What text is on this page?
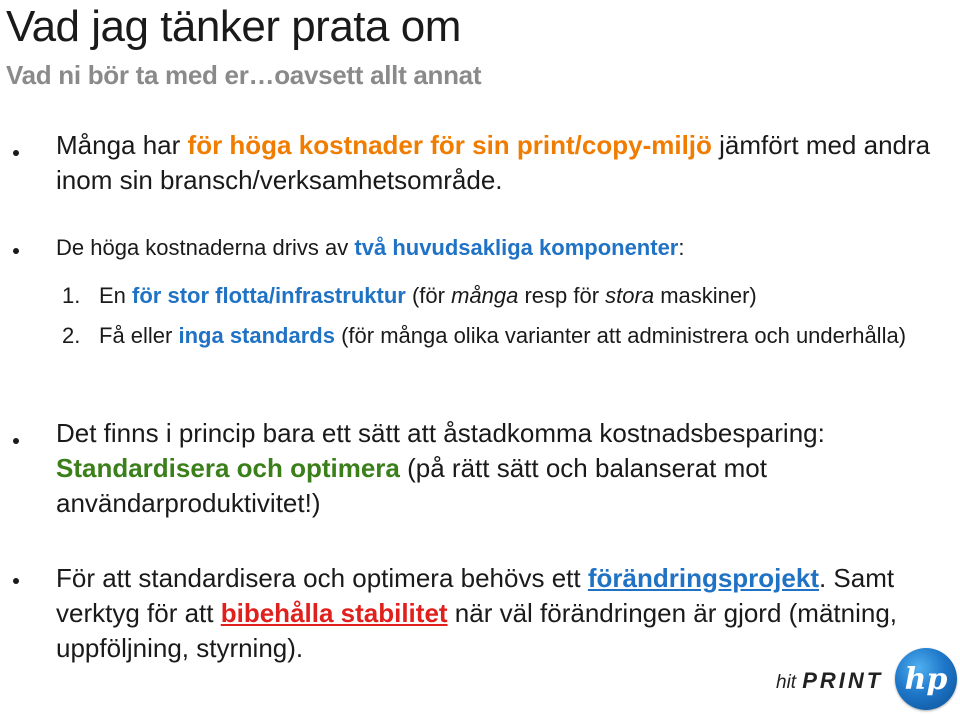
Vad jag tänker prata om
Vad ni bör ta med er…oavsett allt annat
Många har för höga kostnader för sin print/copy-miljö jämfört med andra inom sin bransch/verksamhetsområde.
De höga kostnaderna drivs av två huvudsakliga komponenter:
1. En för stor flotta/infrastruktur (för många resp för stora maskiner)
2. Få eller inga standards (för många olika varianter att administrera och underhålla)
Det finns i princip bara ett sätt att åstadkomma kostnadsbesparing: Standardisera och optimera (på rätt sätt och balanserat mot användarproduktivitet!)
För att standardisera och optimera behövs ett förändringsprojekt. Samt verktyg för att bibehålla stabilitet när väl förändringen är gjord (mätning, uppföljning, styrning).
hit PRINT hp
